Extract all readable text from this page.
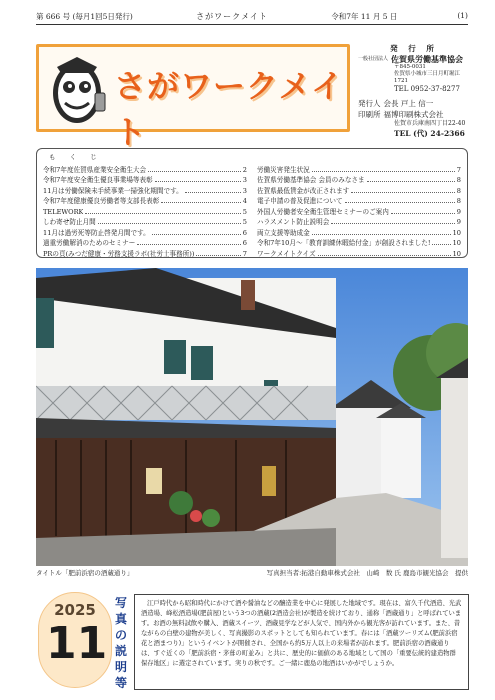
第 666 号 (毎月1回5日発行)	さがワークメイト	令和7年 11 月 5 日	(1)
さがワークメイト
発 行 所
一般社団法人 佐賀県労働基準協会
〒845-0031
佐賀県小城市三日月町堀江1721
TEL 0952-37-8277
発行人 会長 戸上 信一
印刷所 福博印刷株式会社
佐賀市兵庫南四丁目22-40
TEL (代) 24-2366
も く じ
令和7年度佐賀県産業安全衛生大会	2
令和7年度安全衛生優良事業場等表彰	3
11月は労働保険未手続事業一掃強化期間です。	3
令和7年度健康優良労働者等支部長表彰	4
TELEWORK	5
しわ寄せ防止月間	5
11月は過労死等防止啓発月間です。	6
過重労働解消のためのセミナー	6
PRの頁(みつだ健康・労務支援ラボ(社労士事務所))	7
労働災害発生状況	7
佐賀県労働基準協会 会員のみなさま	8
佐賀県最低賃金が改正されます	8
電子申請の普及促進について	8
外国人労働者安全衛生管理セミナーのご案内	9
ハラスメント防止説明会	9
両立支援等助成金	10
令和7年10月～「教育訓練休暇給付金」が創設されました!	10
ワークメイトクイズ	10
タイトル「肥前浜宿の酒蔵通り」	写真担当者:拓港自動車株式会社　山崎　数 氏 鹿島市観光協会　提供
2025
11
写真の説明等
江戸時代から昭和時代にかけて酒や醤油などの醸造業を中心に発展した地域です。現在は、富久千代酒造、光武酒造場、峰松酒造場(肥前屋)という3つの酒蔵(2酒造会社)が製造を続けており、通称「酒蔵通り」と呼ばれています。お酒の無料試飲や購入、酒蔵スイーツ、酒蔵見学などが人気で、国内外から観光客が訪れています。また、昔ながらの白壁の建物が美しく、写真撮影のスポットとしても知られています。春には「酒蔵ツーリズム(肥前浜宿花と酒まつり)」というイベントが開催され、全国から約5万人以上の来場者が訪れます。肥前浜宿の酒蔵通りは、すぐ近くの「肥前浜宿・茅葺の町並み」と共に、歴史的に価値のある地域として国の「重要伝統的建造物群保存地区」に選定されています。実りの秋です。ご一緒に鹿島の地酒はいかがでしょうか。
